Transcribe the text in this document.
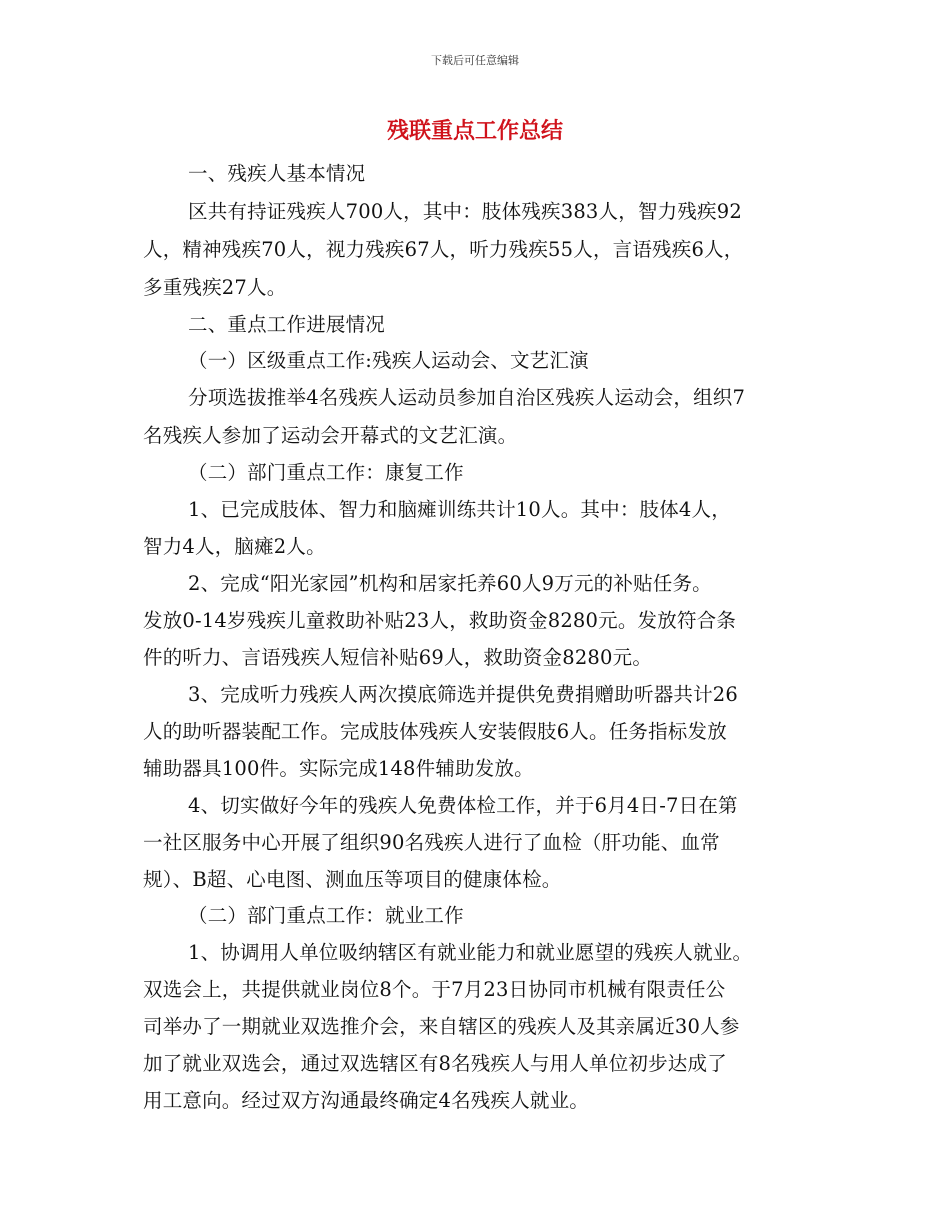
下载后可任意编辑
残联重点工作总结
一、残疾人基本情况
区共有持证残疾人700人，其中：肢体残疾383人，智力残疾92
人，精神残疾70人，视力残疾67人，听力残疾55人，言语残疾6人，
多重残疾27人。
二、重点工作进展情况
（一）区级重点工作:残疾人运动会、文艺汇演
分项选拔推举4名残疾人运动员参加自治区残疾人运动会，组织7
名残疾人参加了运动会开幕式的文艺汇演。
（二）部门重点工作：康复工作
1、已完成肢体、智力和脑瘫训练共计10人。其中：肢体4人，
智力4人，脑瘫2人。
2、完成“阳光家园”机构和居家托养60人9万元的补贴任务。
发放0-14岁残疾儿童救助补贴23人，救助资金8280元。发放符合条
件的听力、言语残疾人短信补贴69人，救助资金8280元。
3、完成听力残疾人两次摸底筛选并提供免费捐赠助听器共计26
人的助听器装配工作。完成肢体残疾人安装假肢6人。任务指标发放
辅助器具100件。实际完成148件辅助发放。
4、切实做好今年的残疾人免费体检工作，并于6月4日-7日在第
一社区服务中心开展了组织90名残疾人进行了血检（肝功能、血常
规）、B超、心电图、测血压等项目的健康体检。
（二）部门重点工作：就业工作
1、协调用人单位吸纳辖区有就业能力和就业愿望的残疾人就业。
双选会上，共提供就业岗位8个。于7月23日协同市机械有限责任公
司举办了一期就业双选推介会，来自辖区的残疾人及其亲属近30人参
加了就业双选会，通过双选辖区有8名残疾人与用人单位初步达成了
用工意向。经过双方沟通最终确定4名残疾人就业。
